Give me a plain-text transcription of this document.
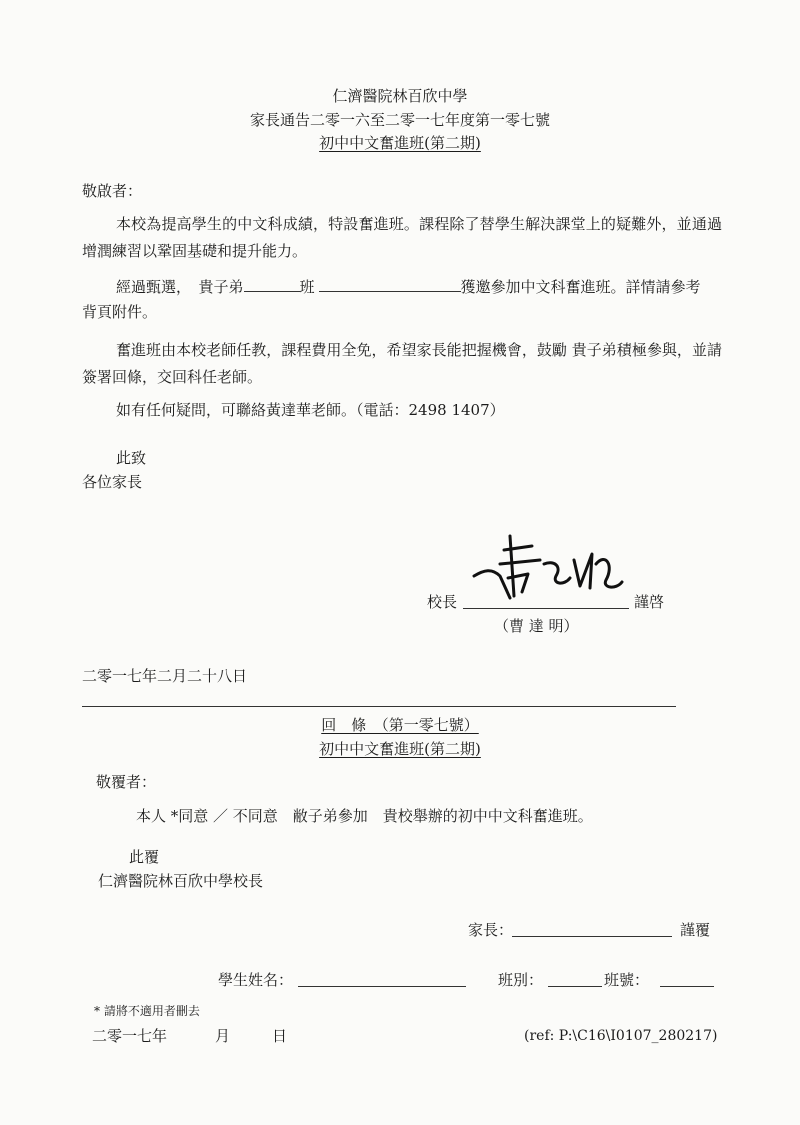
仁濟醫院林百欣中學
家長通告二零一六至二零一七年度第一零七號
初中中文奮進班(第二期)
敬啟者：
本校為提高學生的中文科成績，特設奮進班。課程除了替學生解決課堂上的疑難外，並通過增潤練習以鞏固基礎和提升能力。
經過甄選，　貴子弟	班	獲邀參加中文科奮進班。詳情請參考
背頁附件。
奮進班由本校老師任教，課程費用全免，希望家長能把握機會，鼓勵 貴子弟積極參與，並請簽署回條，交回科任老師。
如有任何疑問，可聯絡黃達華老師。（電話：2498 1407）
此致
各位家長
校長	謹啓
（曹 達 明）
二零一七年二月二十八日
回　條　（第一零七號）
初中中文奮進班(第二期)
敬覆者：
本人 *同意 ／ 不同意　敝子弟參加　貴校舉辦的初中中文科奮進班。
此覆
仁濟醫院林百欣中學校長
家長：	謹覆
學生姓名：	班別：	班號：
* 請將不適用者刪去
二零一七年	月	日	(ref: P:\C16\I0107_280217)
